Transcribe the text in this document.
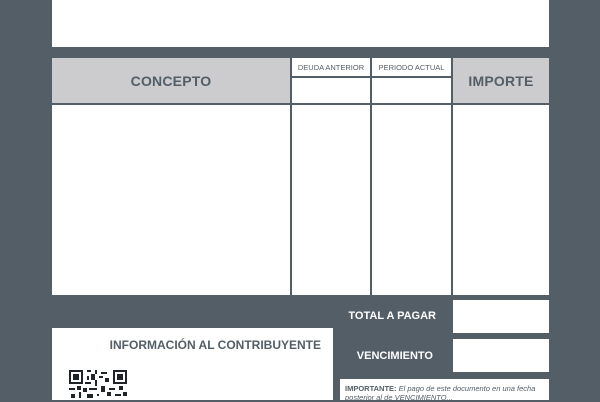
CONCEPTO
DEUDA ANTERIOR PERIODO ACTUAL
IMPORTE
TOTAL A PAGAR
VENCIMIENTO
INFORMACIÓN AL CONTRIBUYENTE
IMPORTANTE: El pago de este documento en una fecha posterior al de VENCIMIENTO...
